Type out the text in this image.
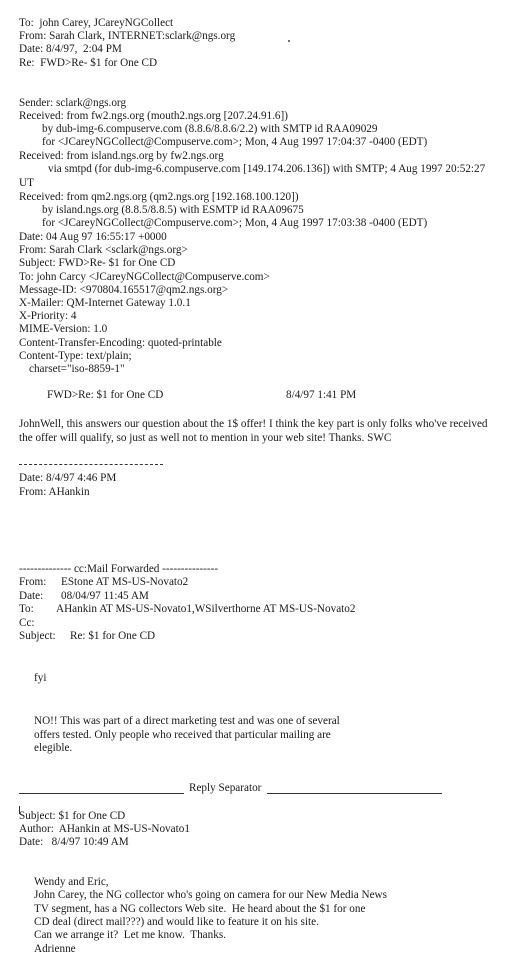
To:  john Carey, JCareyNGCollect
From: Sarah Clark, INTERNET:sclark@ngs.org
Date: 8/4/97,  2:04 PM
Re:  FWD>Re- $1 for One CD
Sender: sclark@ngs.org
Received: from fw2.ngs.org (mouth2.ngs.org [207.24.91.6])
by dub-img-6.compuserve.com (8.8.6/8.8.6/2.2) with SMTP id RAA09029
for <JCareyNGCollect@Compuserve.com>; Mon, 4 Aug 1997 17:04:37 -0400 (EDT)
Received: from island.ngs.org by fw2.ngs.org
via smtpd (for dub-img-6.compuserve.com [149.174.206.136]) with SMTP; 4 Aug 1997 20:52:27
UT
Received: from qm2.ngs.org (qm2.ngs.org [192.168.100.120])
by island.ngs.org (8.8.5/8.8.5) with ESMTP id RAA09675
for <JCareyNGCollect@Compuserve.com>; Mon, 4 Aug 1997 17:03:38 -0400 (EDT)
Date: 04 Aug 97 16:55:17 +0000
From: Sarah Clark <sclark@ngs.org>
Subject: FWD>Re- $1 for One CD
To: john Carcy <JCareyNGCollect@Compuserve.com>
Message-ID: <970804.165517@qm2.ngs.org>
X-Mailer: QM-Internet Gateway 1.0.1
X-Priority: 4
MIME-Version: 1.0
Content-Transfer-Encoding: quoted-printable
Content-Type: text/plain;
charset="iso-8859-1"
FWD>Re: $1 for One CD	8/4/97 1:41 PM
JohnWell, this answers our question about the 1$ offer! I think the key part is only folks who've received
the offer will qualify, so just as well not to mention in your web site! Thanks. SWC
Date: 8/4/97 4:46 PM
From: AHankin
-------------- cc:Mail Forwarded ---------------
From: EStone AT MS-US-Novato2
Date: 08/04/97 11:45 AM
To: AHankin AT MS-US-Novato1,WSilverthorne AT MS-US-Novato2
Cc:
Subject: Re: $1 for One CD
fyi
NO!! This was part of a direct marketing test and was one of several
offers tested. Only people who received that particular mailing are
elegible.
Reply Separator
Subject: $1 for One CD
Author:  AHankin at MS-US-Novato1
Date:   8/4/97 10:49 AM
Wendy and Eric,
John Carey, the NG collector who's going on camera for our New Media News
TV segment, has a NG collectors Web site.  He heard about the $1 for one
CD deal (direct mail???) and would like to feature it on his site.
Can we arrange it?  Let me know.  Thanks.
Adrienne
